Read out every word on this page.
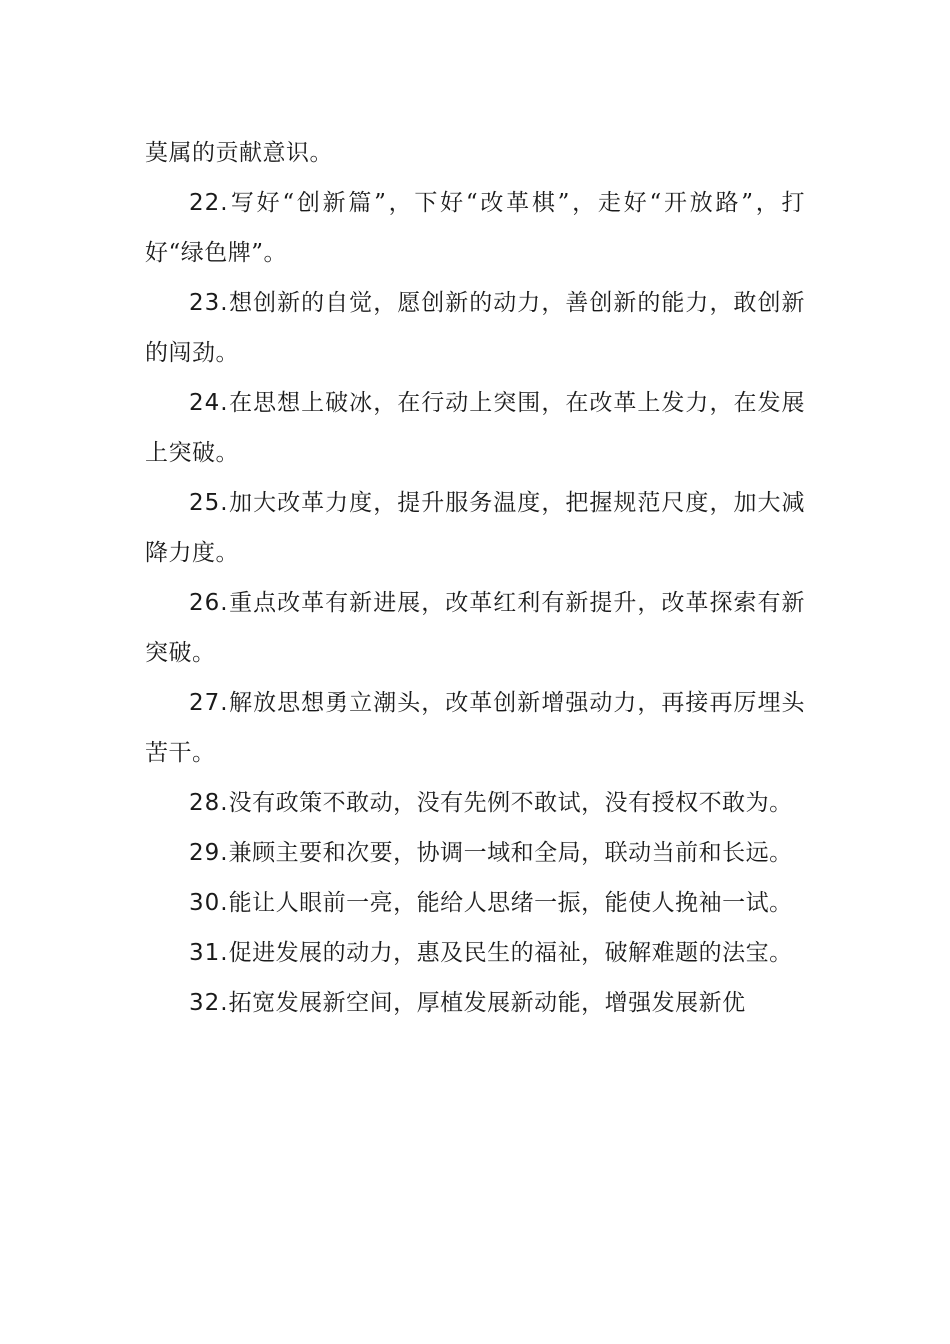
莫属的贡献意识。

22.写好“创新篇”，下好“改革棋”，走好“开放路”，打好“绿色牌”。

23.想创新的自觉，愿创新的动力，善创新的能力，敢创新的闯劲。

24.在思想上破冰，在行动上突围，在改革上发力，在发展上突破。

25.加大改革力度，提升服务温度，把握规范尺度，加大减降力度。

26.重点改革有新进展，改革红利有新提升，改革探索有新突破。

27.解放思想勇立潮头，改革创新增强动力，再接再厉埋头苦干。

28.没有政策不敢动，没有先例不敢试，没有授权不敢为。

29.兼顾主要和次要，协调一域和全局，联动当前和长远。

30.能让人眼前一亮，能给人思绪一振，能使人挽袖一试。

31.促进发展的动力，惠及民生的福祉，破解难题的法宝。

32.拓宽发展新空间，厚植发展新动能，增强发展新优
